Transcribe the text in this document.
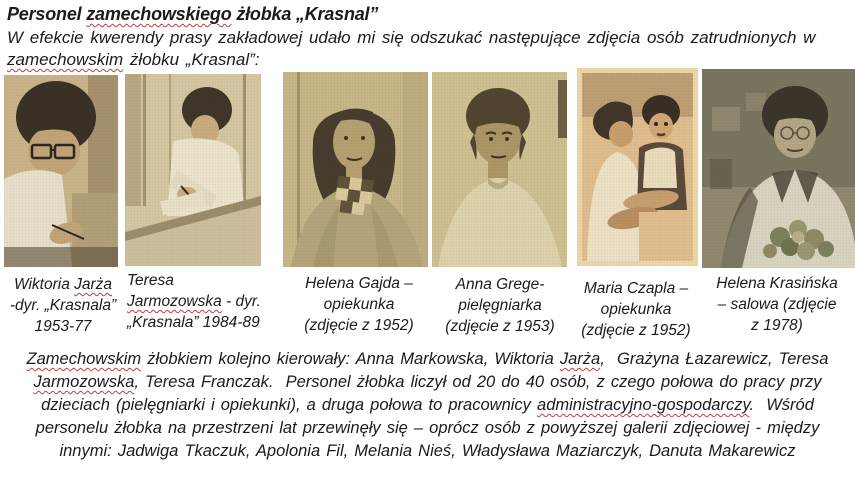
Personel zamechowskiego żłobka „Krasnal”
W efekcie kwerendy prasy zakładowej udało mi się odszukać następujące zdjęcia osób zatrudnionych w
zamechowskim żłobku „Krasnal”:
Wiktoria Jarża
-dyr. „Krasnala”
1953-77
Teresa
Jarmozowska - dyr.
„Krasnala” 1984-89
Helena Gajda –
opiekunka
(zdjęcie z 1952)
Anna Grege-
pielęgniarka
(zdjęcie z 1953)
Maria Czapla –
opiekunka
(zdjęcie z 1952)
Helena Krasińska
– salowa (zdjęcie
z 1978)
Zamechowskim żłobkiem kolejno kierowały: Anna Markowska, Wiktoria Jarża,  Grażyna Łazarewicz, Teresa
Jarmozowska, Teresa Franczak.  Personel żłobka liczył od 20 do 40 osób, z czego połowa do pracy przy
dzieciach (pielęgniarki i opiekunki), a druga połowa to pracownicy administracyjno-gospodarczy.  Wśród
personelu żłobka na przestrzeni lat przewinęły się – oprócz osób z powyższej galerii zdjęciowej - między
innymi: Jadwiga Tkaczuk, Apolonia Fil, Melania Nieś, Władysława Maziarczyk, Danuta Makarewicz
